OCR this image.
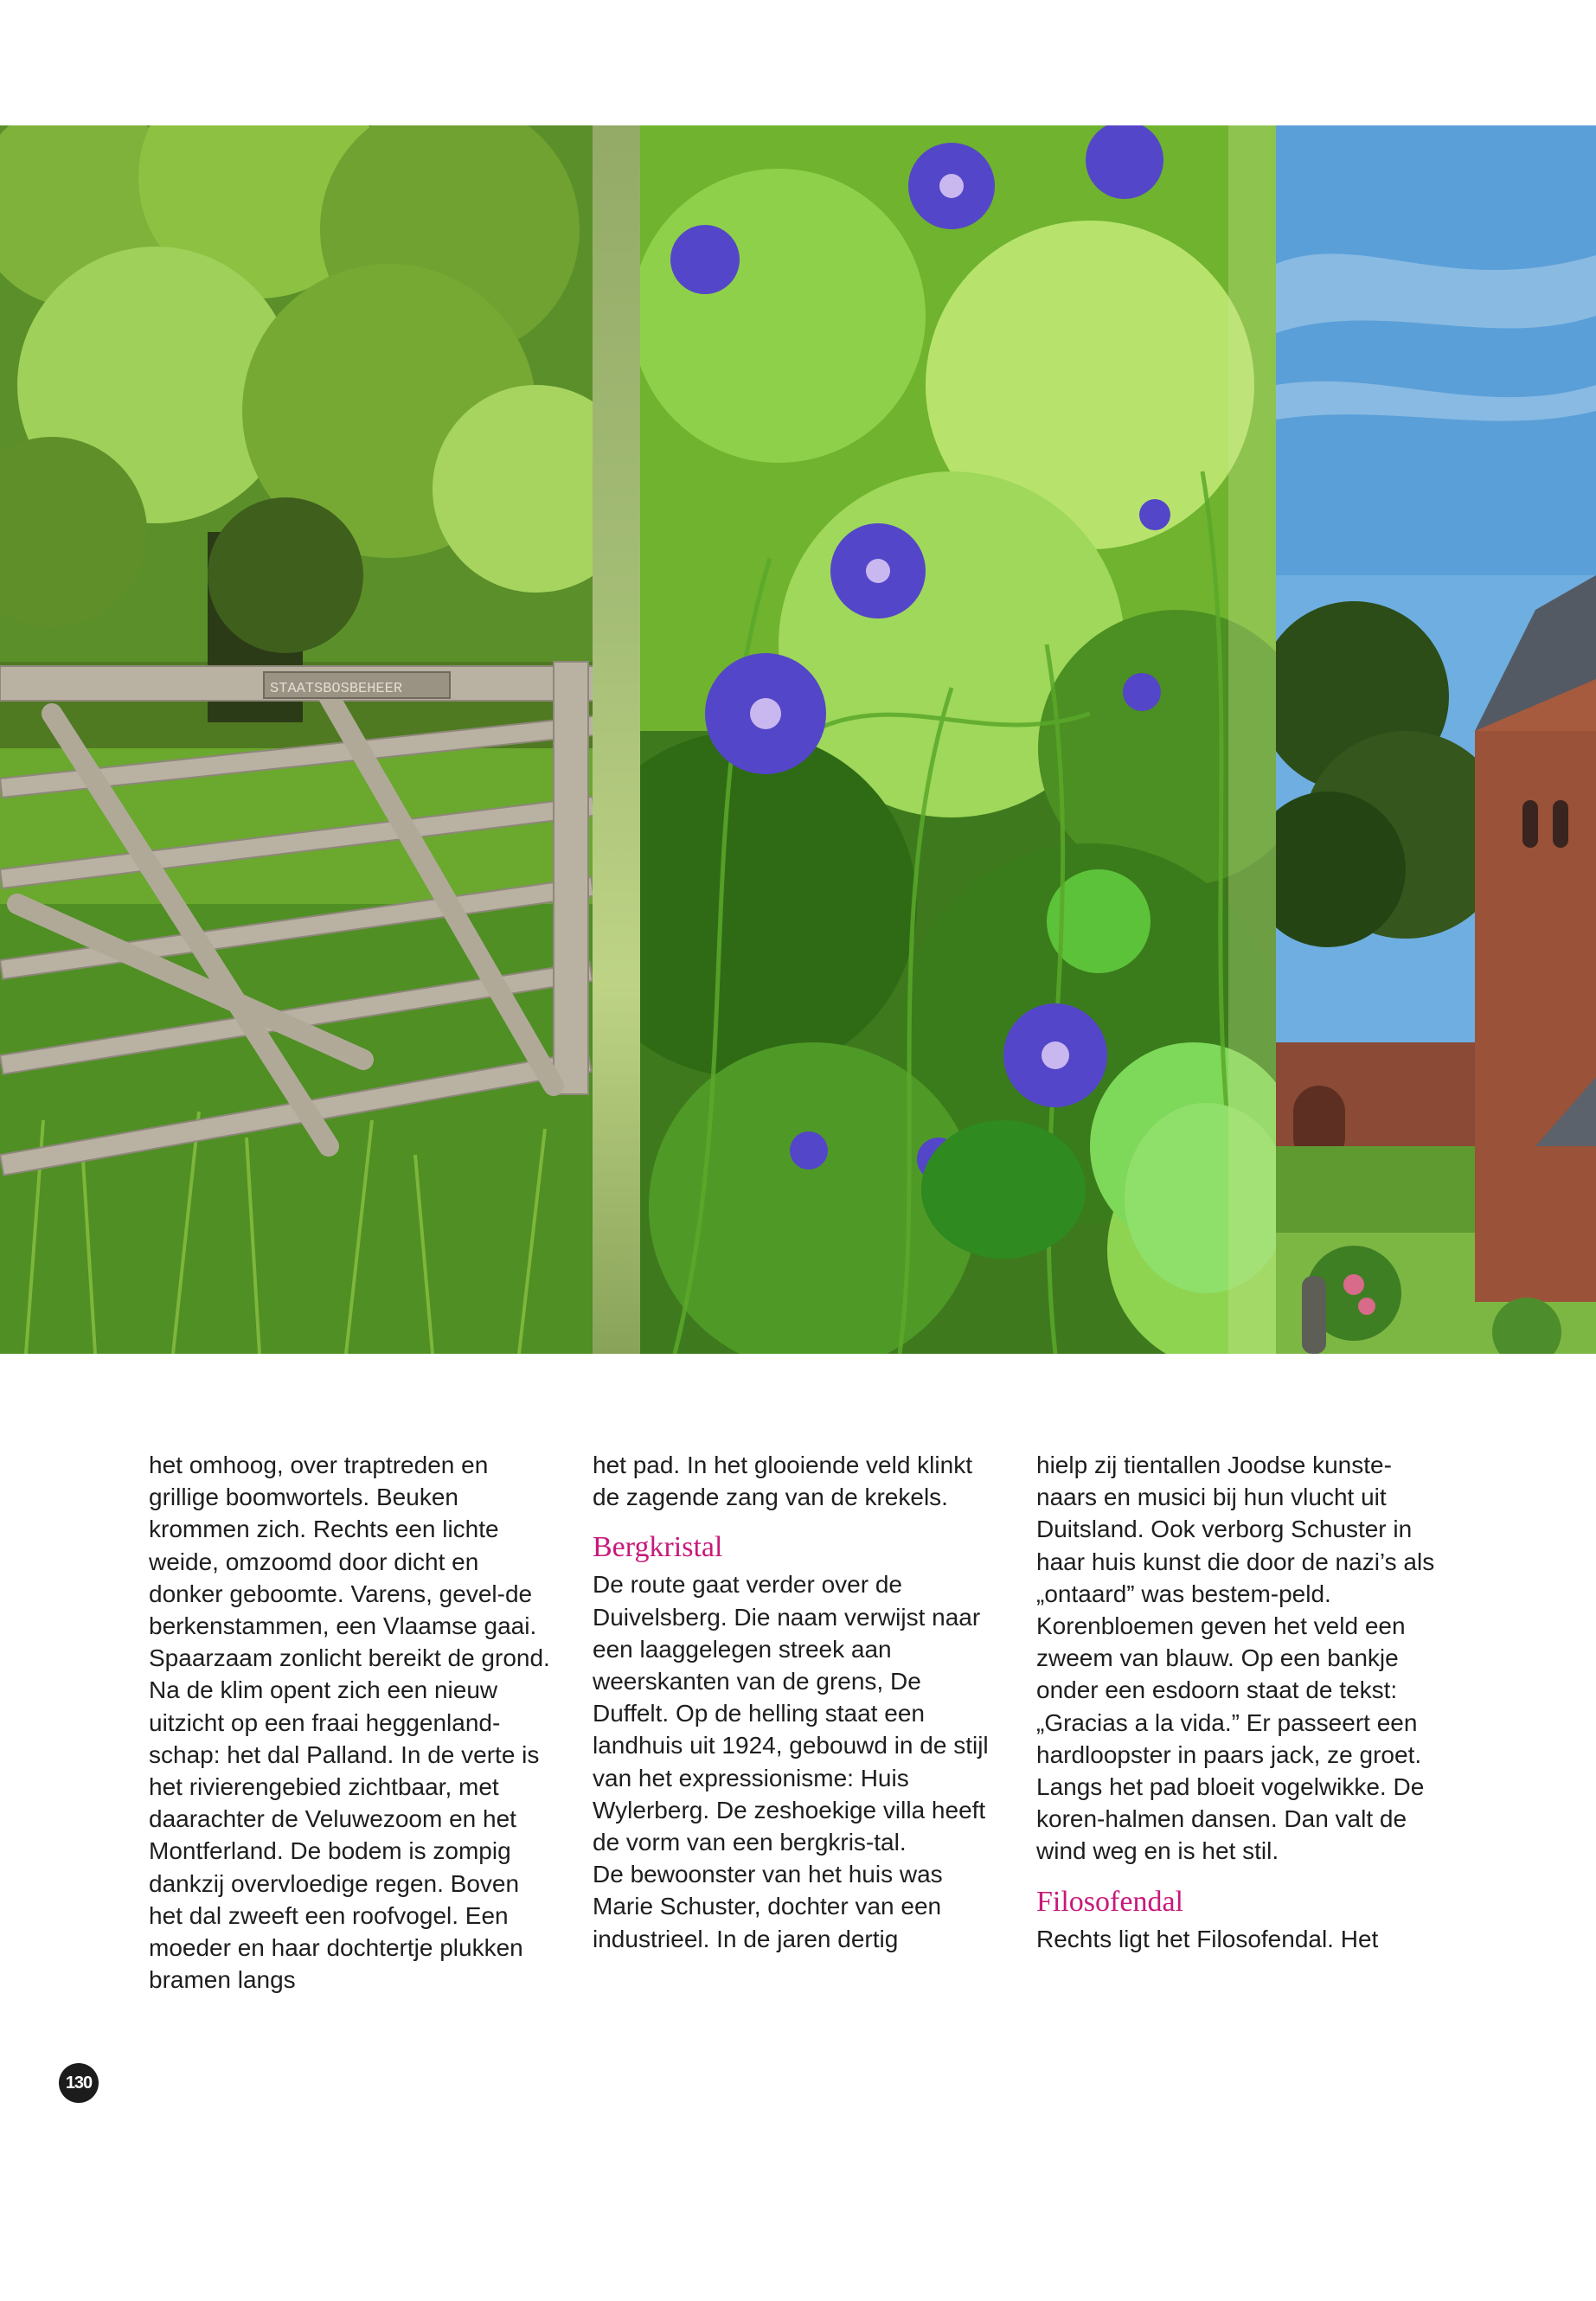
STAATSBOSBEHEER

het omhoog, over traptreden en grillige boomwortels. Beuken krommen zich. Rechts een lichte weide, omzoomd door dicht en donker geboomte. Varens, gevel-de berkenstammen, een Vlaamse gaai. Spaarzaam zonlicht bereikt de grond.

Na de klim opent zich een nieuw uitzicht op een fraai heggenland-schap: het dal Palland. In de verte is het rivierengebied zichtbaar, met daarachter de Veluwezoom en het Montferland. De bodem is zompig dankzij overvloedige regen. Boven het dal zweeft een roofvogel. Een moeder en haar dochtertje plukken bramen langs

het pad. In het glooiende veld klinkt de zagende zang van de krekels.

Bergkristal

De route gaat verder over de Duivelsberg. Die naam verwijst naar een laaggelegen streek aan weerskanten van de grens, De Duffelt. Op de helling staat een landhuis uit 1924, gebouwd in de stijl van het expressionisme: Huis Wylerberg. De zeshoekige villa heeft de vorm van een bergkris-tal.

De bewoonster van het huis was Marie Schuster, dochter van een industrieel. In de jaren dertig

hielp zij tientallen Joodse kunste-naars en musici bij hun vlucht uit Duitsland. Ook verborg Schuster in haar huis kunst die door de nazi’s als „ontaard” was bestem-peld.

Korenbloemen geven het veld een zweem van blauw. Op een bankje onder een esdoorn staat de tekst: „Gracias a la vida.” Er passeert een hardloopster in paars jack, ze groet. Langs het pad bloeit vogelwikke. De koren-halmen dansen. Dan valt de wind weg en is het stil.

Filosofendal

Rechts ligt het Filosofendal. Het

130
